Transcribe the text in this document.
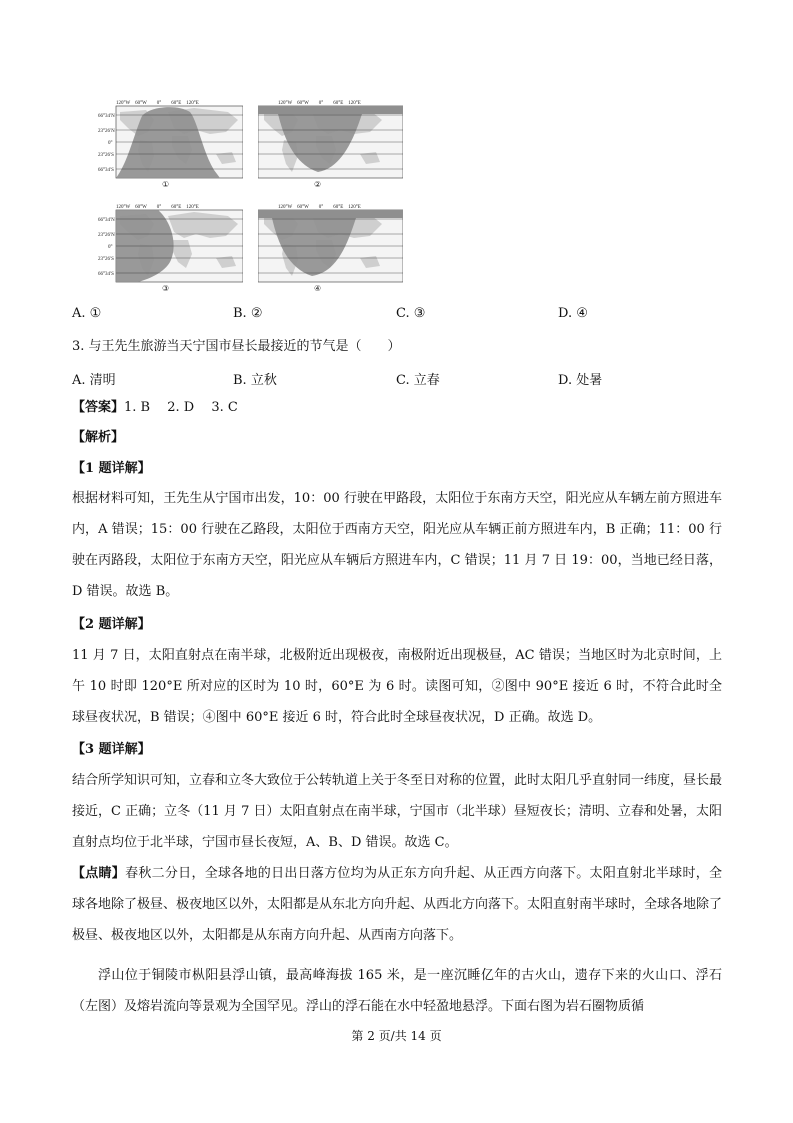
120°W　60°W　　0°　　60°E　120°E
66°34′N
23°26′N
0°
23°26′S
66°34′S
①
120°W　60°W　　0°　　60°E　120°E
②
120°W　60°W　　0°　　60°E　120°E
66°34′N
23°26′N
0°
23°26′S
66°34′S
③
120°W　60°W　　0°　　60°E　120°E
④
A. ①	B. ②	C. ③	D. ④
3. 与王先生旅游当天宁国市昼长最接近的节气是（　　）
A. 清明	B. 立秋	C. 立春	D. 处暑
【答案】1. B　 2. D　 3. C
【解析】
【1 题详解】
根据材料可知，王先生从宁国市出发，10：00 行驶在甲路段，太阳位于东南方天空，阳光应从车辆左前方照进车内，A 错误；15：00 行驶在乙路段，太阳位于西南方天空，阳光应从车辆正前方照进车内，B 正确；11：00 行驶在丙路段，太阳位于东南方天空，阳光应从车辆后方照进车内，C 错误；11 月 7 日 19：00，当地已经日落，D 错误。故选 B。
【2 题详解】
11 月 7 日，太阳直射点在南半球，北极附近出现极夜，南极附近出现极昼，AC 错误；当地区时为北京时间，上午 10 时即 120°E 所对应的区时为 10 时，60°E 为 6 时。读图可知，②图中 90°E 接近 6 时，不符合此时全球昼夜状况，B 错误；④图中 60°E 接近 6 时，符合此时全球昼夜状况，D 正确。故选 D。
【3 题详解】
结合所学知识可知，立春和立冬大致位于公转轨道上关于冬至日对称的位置，此时太阳几乎直射同一纬度，昼长最接近，C 正确；立冬（11 月 7 日）太阳直射点在南半球，宁国市（北半球）昼短夜长；清明、立春和处暑，太阳直射点均位于北半球，宁国市昼长夜短，A、B、D 错误。故选 C。
【点睛】春秋二分日，全球各地的日出日落方位均为从正东方向升起、从正西方向落下。太阳直射北半球时，全球各地除了极昼、极夜地区以外，太阳都是从东北方向升起、从西北方向落下。太阳直射南半球时，全球各地除了极昼、极夜地区以外，太阳都是从东南方向升起、从西南方向落下。
浮山位于铜陵市枞阳县浮山镇，最高峰海拔 165 米，是一座沉睡亿年的古火山，遗存下来的火山口、浮石（左图）及熔岩流向等景观为全国罕见。浮山的浮石能在水中轻盈地悬浮。下面右图为岩石圈物质循
第 2 页/共 14 页
